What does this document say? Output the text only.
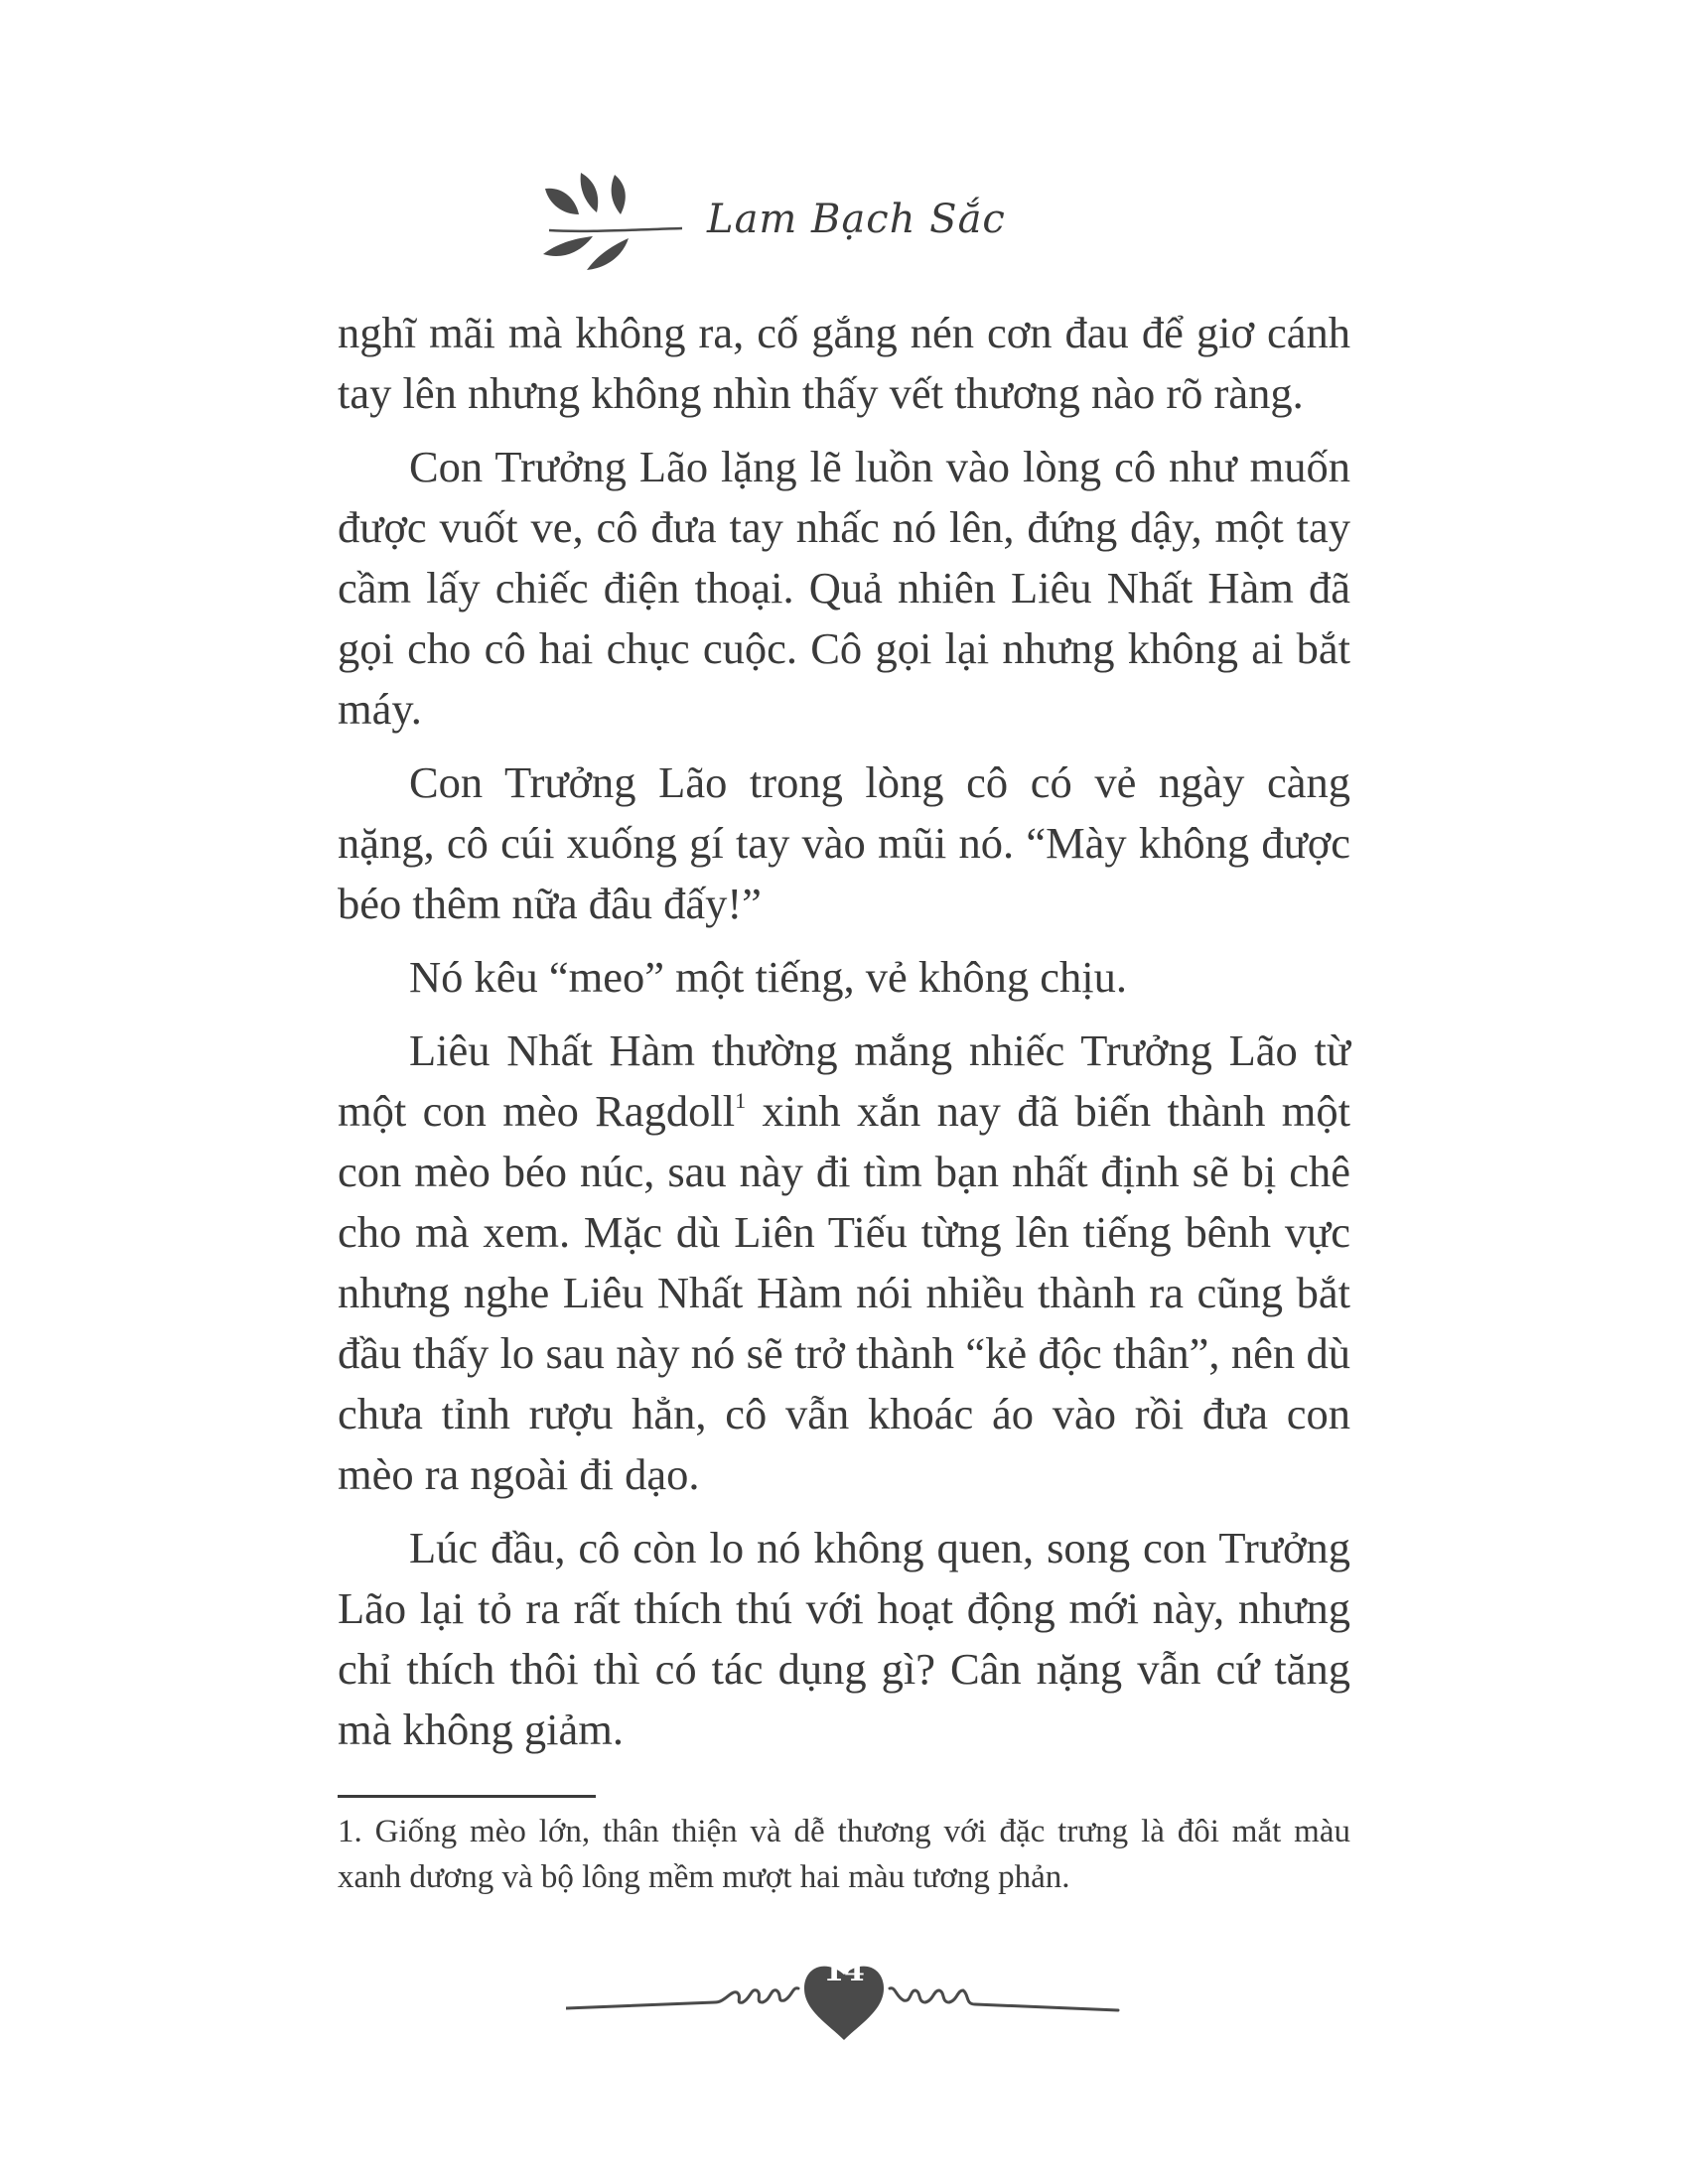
Lam Bạch Sắc

nghĩ mãi mà không ra, cố gắng nén cơn đau để giơ cánh tay lên nhưng không nhìn thấy vết thương nào rõ ràng.

Con Trưởng Lão lặng lẽ luồn vào lòng cô như muốn được vuốt ve, cô đưa tay nhấc nó lên, đứng dậy, một tay cầm lấy chiếc điện thoại. Quả nhiên Liêu Nhất Hàm đã gọi cho cô hai chục cuộc. Cô gọi lại nhưng không ai bắt máy.

Con Trưởng Lão trong lòng cô có vẻ ngày càng nặng, cô cúi xuống gí tay vào mũi nó. “Mày không được béo thêm nữa đâu đấy!”

Nó kêu “meo” một tiếng, vẻ không chịu.

Liêu Nhất Hàm thường mắng nhiếc Trưởng Lão từ một con mèo Ragdoll$^1$ xinh xắn nay đã biến thành một con mèo béo núc, sau này đi tìm bạn nhất định sẽ bị chê cho mà xem. Mặc dù Liên Tiếu từng lên tiếng bênh vực nhưng nghe Liêu Nhất Hàm nói nhiều thành ra cũng bắt đầu thấy lo sau này nó sẽ trở thành “kẻ độc thân”, nên dù chưa tỉnh rượu hẳn, cô vẫn khoác áo vào rồi đưa con mèo ra ngoài đi dạo.

Lúc đầu, cô còn lo nó không quen, song con Trưởng Lão lại tỏ ra rất thích thú với hoạt động mới này, nhưng chỉ thích thôi thì có tác dụng gì? Cân nặng vẫn cứ tăng mà không giảm.

1. Giống mèo lớn, thân thiện và dễ thương với đặc trưng là đôi mắt màu xanh dương và bộ lông mềm mượt hai màu tương phản.
14
